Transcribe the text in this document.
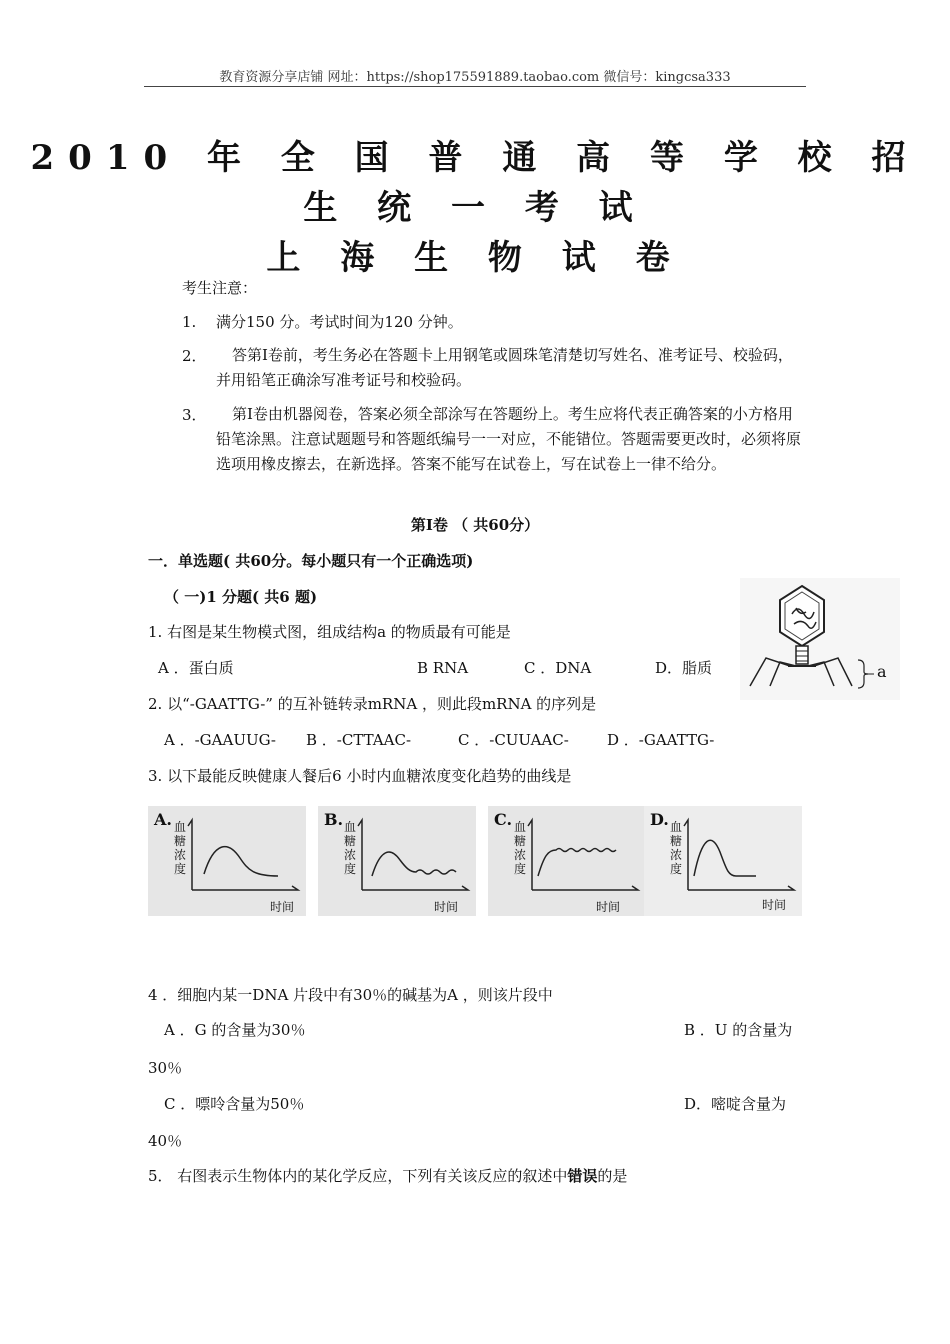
教育资源分享店铺 网址：https://shop175591889.taobao.com 微信号：kingcsa333
2010 年 全 国 普 通 高 等 学 校 招
生 统 一 考 试
上 海 生 物 试 卷
考生注意：
1. 满分150 分。考试时间为120 分钟。
2．	答第Ⅰ卷前，考生务必在答题卡上用钢笔或圆珠笔清楚切写姓名、准考证号、校验码，并用铅笔正确涂写准考证号和校验码。
3．	第Ⅰ卷由机器阅卷，答案必须全部涂写在答题纷上。考生应将代表正确答案的小方格用铅笔涂黑。注意试题题号和答题纸编号一一对应，不能错位。答题需要更改时，必须将原选项用橡皮擦去，在新选择。答案不能写在试卷上，写在试卷上一律不给分。
第Ⅰ卷 （ 共60分）
一．单选题( 共60分。每小题只有一个正确选项)
（ 一)1 分题( 共6 题)
1. 右图是某生物模式图，组成结构a 的物质最有可能是
A ．蛋白质	B RNA	C ．DNA	D．脂质	a
2. 以“-GAATTG-” 的互补链转录mRNA ，则此段mRNA 的序列是
A ．-GAAUUG- B ．-CTTAAC-	C ．-CUUAAC-	D ．-GAATTG-
3. 以下最能反映健康人餐后6 小时内血糖浓度变化趋势的曲线是
A. 血
糖
浓
度
时间
B. 血
糖
浓
度
时间
C. 血
糖
浓
度
时间
D. 血
糖
浓
度
时间
4 ．细胞内某一DNA 片段中有30％的碱基为A ，则该片段中
A ．G 的含量为30％	B ．U 的含量为
30％
C ．嘌呤含量为50％	D．嘧啶含量为
40％
5． 右图表示生物体内的某化学反应，下列有关该反应的叙述中错误的是
